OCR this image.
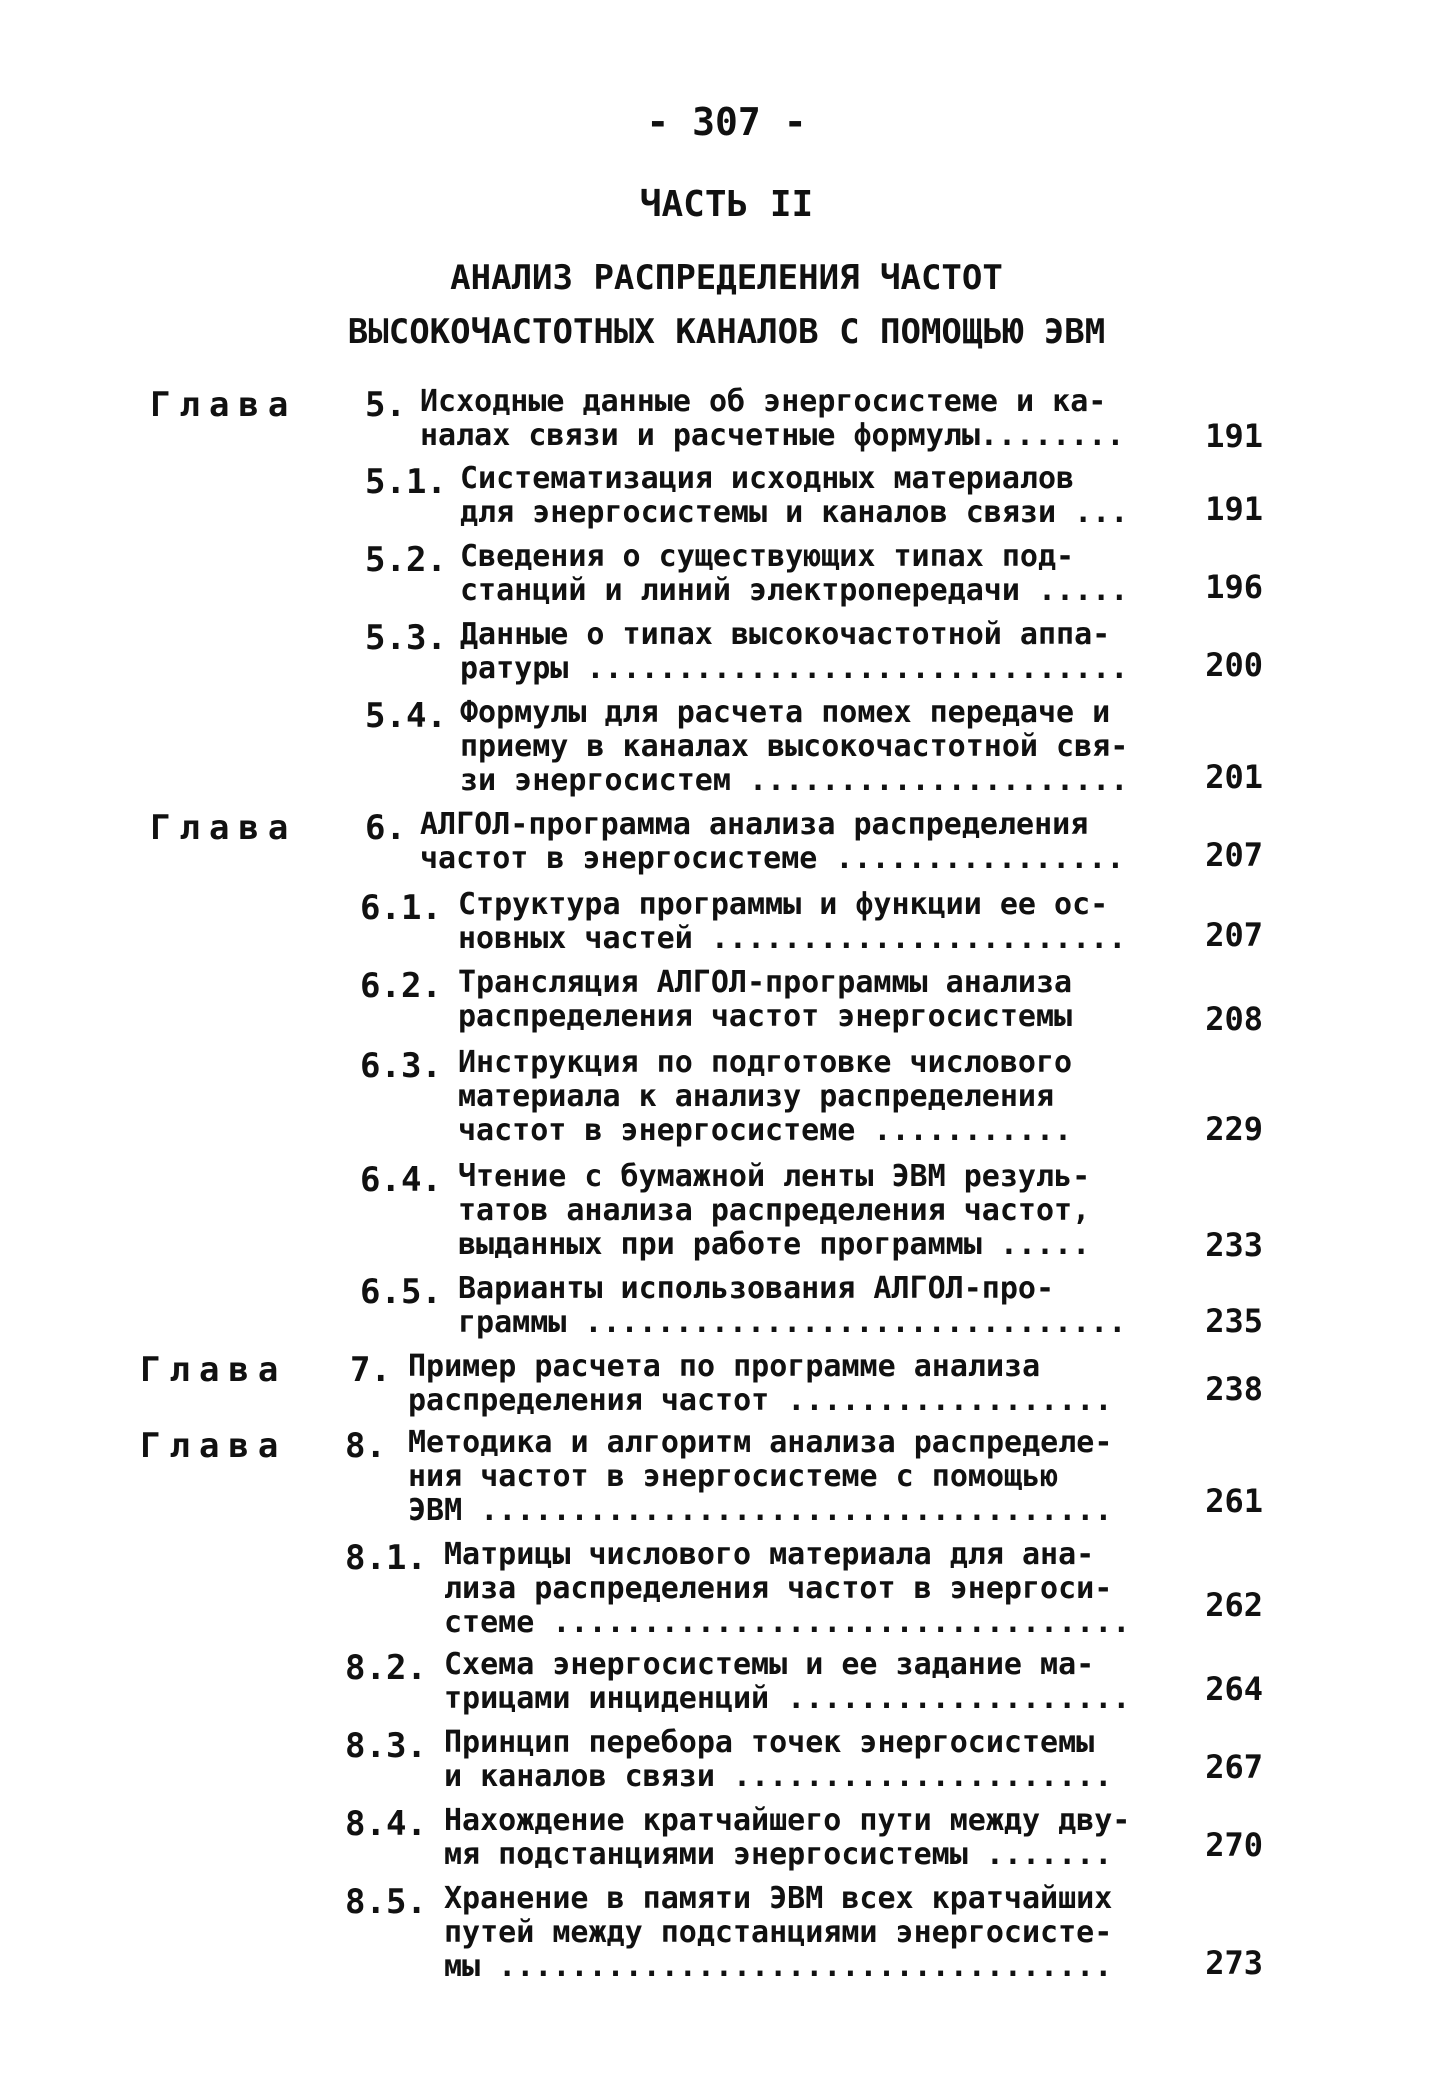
- 307 -
ЧАСТЬ II
АНАЛИЗ РАСПРЕДЕЛЕНИЯ ЧАСТОТ
ВЫСОКОЧАСТОТНЫХ КАНАЛОВ С ПОМОЩЬЮ ЭВМ
Глава 5. Исходные данные об энергосистеме и ка-
налах связи и расчетные формулы........	191
5.1. Систематизация исходных материалов
для энергосистемы и каналов связи ... 191
5.2. Сведения о существующих типах под-
станций и линий электропередачи ..... 196
5.3. Данные о типах высокочастотной аппа-
ратуры .............................. 200
5.4. Формулы для расчета помех передаче и
приему в каналах высокочастотной свя-
зи энергосистем ..................... 201
Глава 6. АЛГОЛ-программа анализа распределения
частот в энергосистеме ................	207
6.1. Структура программы и функции ее ос-
новных частей ....................... 207
6.2. Трансляция АЛГОЛ-программы анализа
распределения частот энергосистемы	208
6.3. Инструкция по подготовке числового
материала к анализу распределения
частот в энергосистеме ...........	229
6.4. Чтение с бумажной ленты ЭВМ резуль-
татов анализа распределения частот,
выданных при работе программы .....	233
6.5. Варианты использования АЛГОЛ-про-
граммы .............................. 235
Глава 7. Пример расчета по программе анализа
распределения частот ..................	238
Глава 8. Методика и алгоритм анализа распределе-
ния частот в энергосистеме с помощью
ЭВМ ...................................	261
8.1. Матрицы числового материала для ана-
лиза распределения частот в энергоси-
стеме ................................ 262
8.2. Схема энергосистемы и ее задание ма-
трицами инциденций ................... 264
8.3. Принцип перебора точек энергосистемы
и каналов связи .....................	267
8.4. Нахождение кратчайшего пути между дву-
мя подстанциями энергосистемы .......	270
8.5. Хранение в памяти ЭВМ всех кратчайших
путей между подстанциями энергосисте-
мы ..................................	273
